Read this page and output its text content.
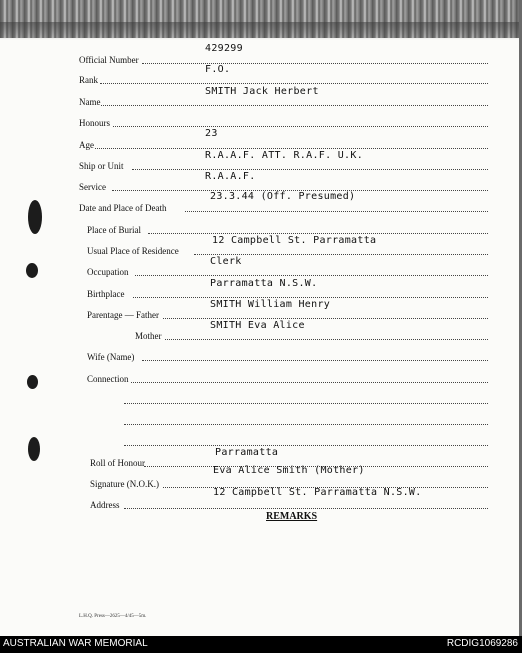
Official Number
429299
Rank
F.O.
Name
SMITH Jack Herbert
Honours
Age
23
Ship or Unit
R.A.A.F. ATT. R.A.F. U.K.
Service
R.A.A.F.
Date and Place of Death
23.3.44 (Off. Presumed)
Place of Burial
Usual Place of Residence
12 Campbell St. Parramatta
Occupation
Clerk
Birthplace
Parramatta N.S.W.
Parentage — Father
SMITH William Henry
Mother
SMITH Eva Alice
Wife (Name)
Connection
Roll of Honour
Parramatta
Signature (N.O.K.)
Eva Alice Smith (Mother)
Address
12 Campbell St. Parramatta N.S.W.
REMARKS
L.H.Q. Press—2625—4/45—5m.
AUSTRALIAN WAR MEMORIAL	RCDIG1069286
